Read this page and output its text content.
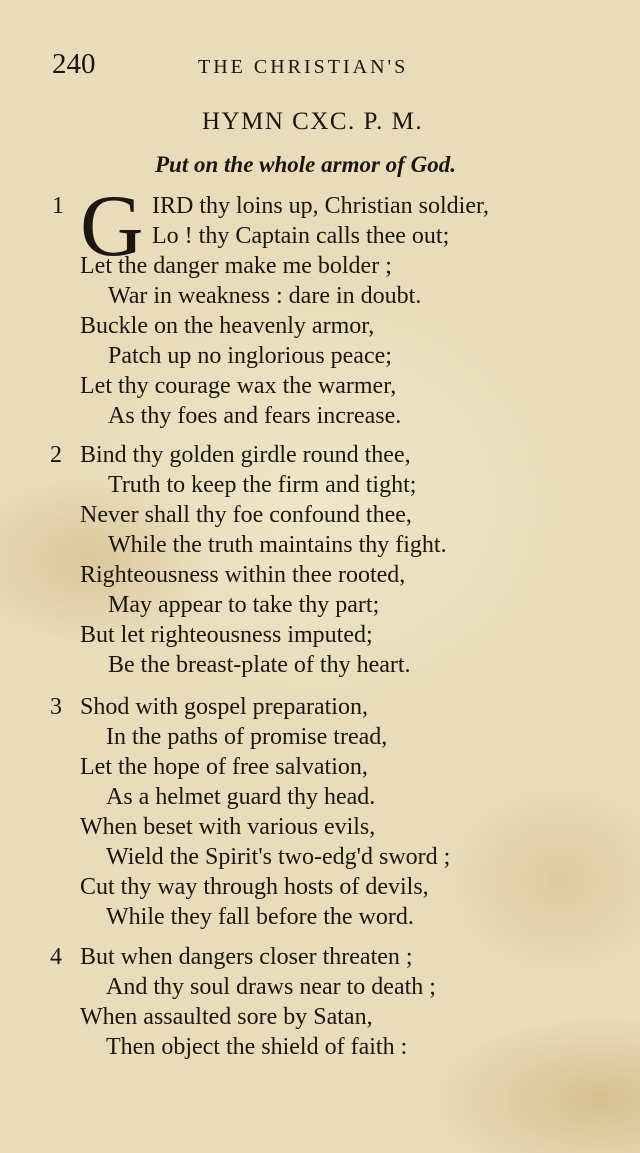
240	THE CHRISTIAN'S
HYMN CXC. P. M.
Put on the whole armor of God.
1 G IRD thy loins up, Christian soldier,
Lo ! thy Captain calls thee out;
Let the danger make me bolder ;
War in weakness : dare in doubt.
Buckle on the heavenly armor,
Patch up no inglorious peace;
Let thy courage wax the warmer,
As thy foes and fears increase.
2 Bind thy golden girdle round thee,
Truth to keep the firm and tight;
Never shall thy foe confound thee,
While the truth maintains thy fight.
Righteousness within thee rooted,
May appear to take thy part;
But let righteousness imputed;
Be the breast-plate of thy heart.
3 Shod with gospel preparation,
In the paths of promise tread,
Let the hope of free salvation,
As a helmet guard thy head.
When beset with various evils,
Wield the Spirit's two-edg'd sword ;
Cut thy way through hosts of devils,
While they fall before the word.
4 But when dangers closer threaten ;
And thy soul draws near to death ;
When assaulted sore by Satan,
Then object the shield of faith :
